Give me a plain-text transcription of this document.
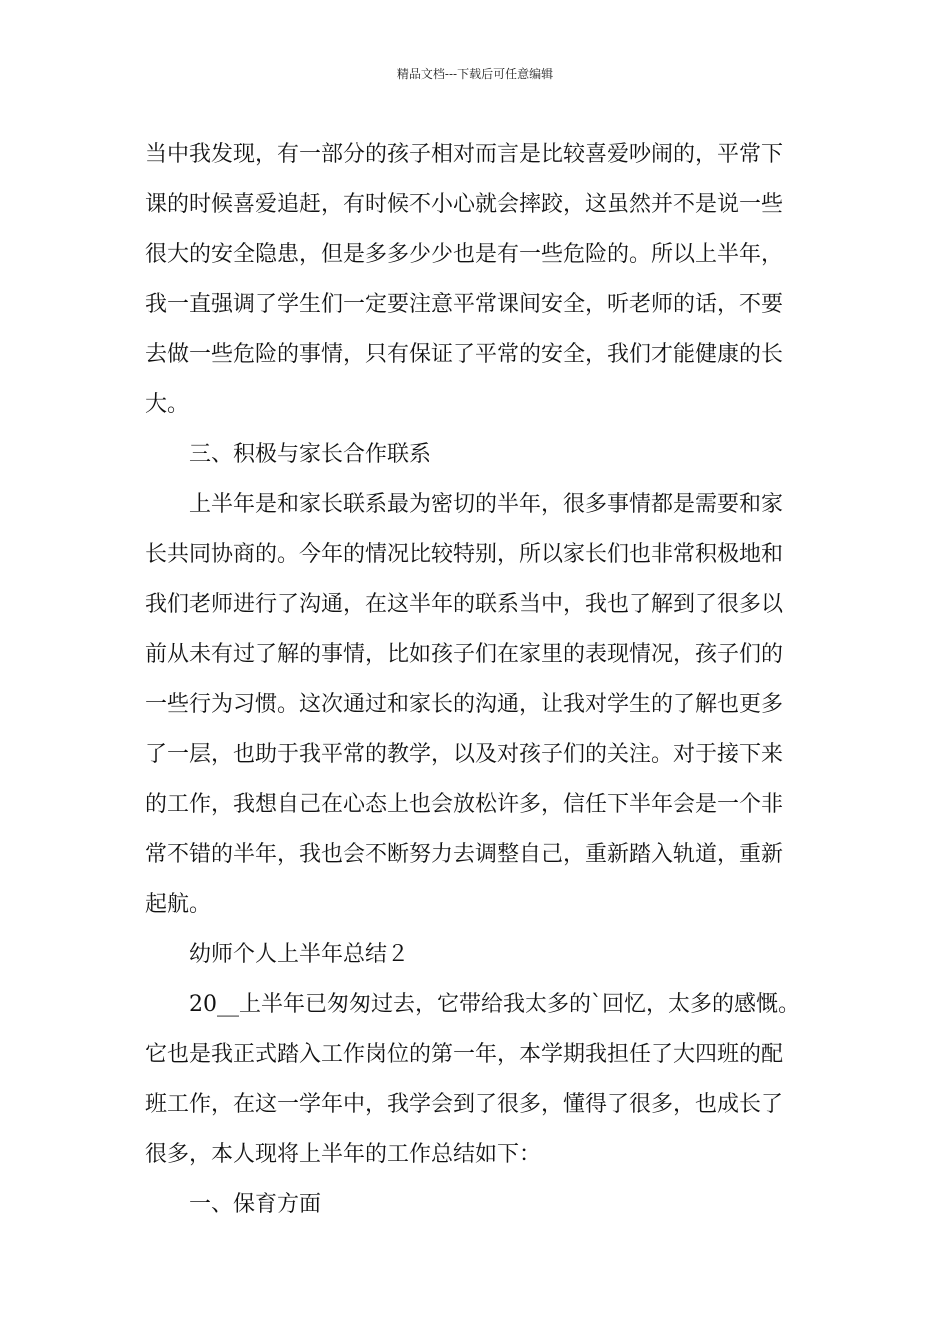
精品文档---下载后可任意编辑
当中我发现，有一部分的孩子相对而言是比较喜爱吵闹的，平常下
课的时候喜爱追赶，有时候不小心就会摔跤，这虽然并不是说一些
很大的安全隐患，但是多多少少也是有一些危险的。所以上半年，
我一直强调了学生们一定要注意平常课间安全，听老师的话，不要
去做一些危险的事情，只有保证了平常的安全，我们才能健康的长
大。
三、积极与家长合作联系
上半年是和家长联系最为密切的半年，很多事情都是需要和家
长共同协商的。今年的情况比较特别，所以家长们也非常积极地和
我们老师进行了沟通，在这半年的联系当中，我也了解到了很多以
前从未有过了解的事情，比如孩子们在家里的表现情况，孩子们的
一些行为习惯。这次通过和家长的沟通，让我对学生的了解也更多
了一层，也助于我平常的教学，以及对孩子们的关注。对于接下来
的工作，我想自己在心态上也会放松许多，信任下半年会是一个非
常不错的半年，我也会不断努力去调整自己，重新踏入轨道，重新
起航。
幼师个人上半年总结２
20__上半年已匆匆过去，它带给我太多的`回忆，太多的感慨。
它也是我正式踏入工作岗位的第一年，本学期我担任了大四班的配
班工作，在这一学年中，我学会到了很多，懂得了很多，也成长了
很多，本人现将上半年的工作总结如下：
一、保育方面
